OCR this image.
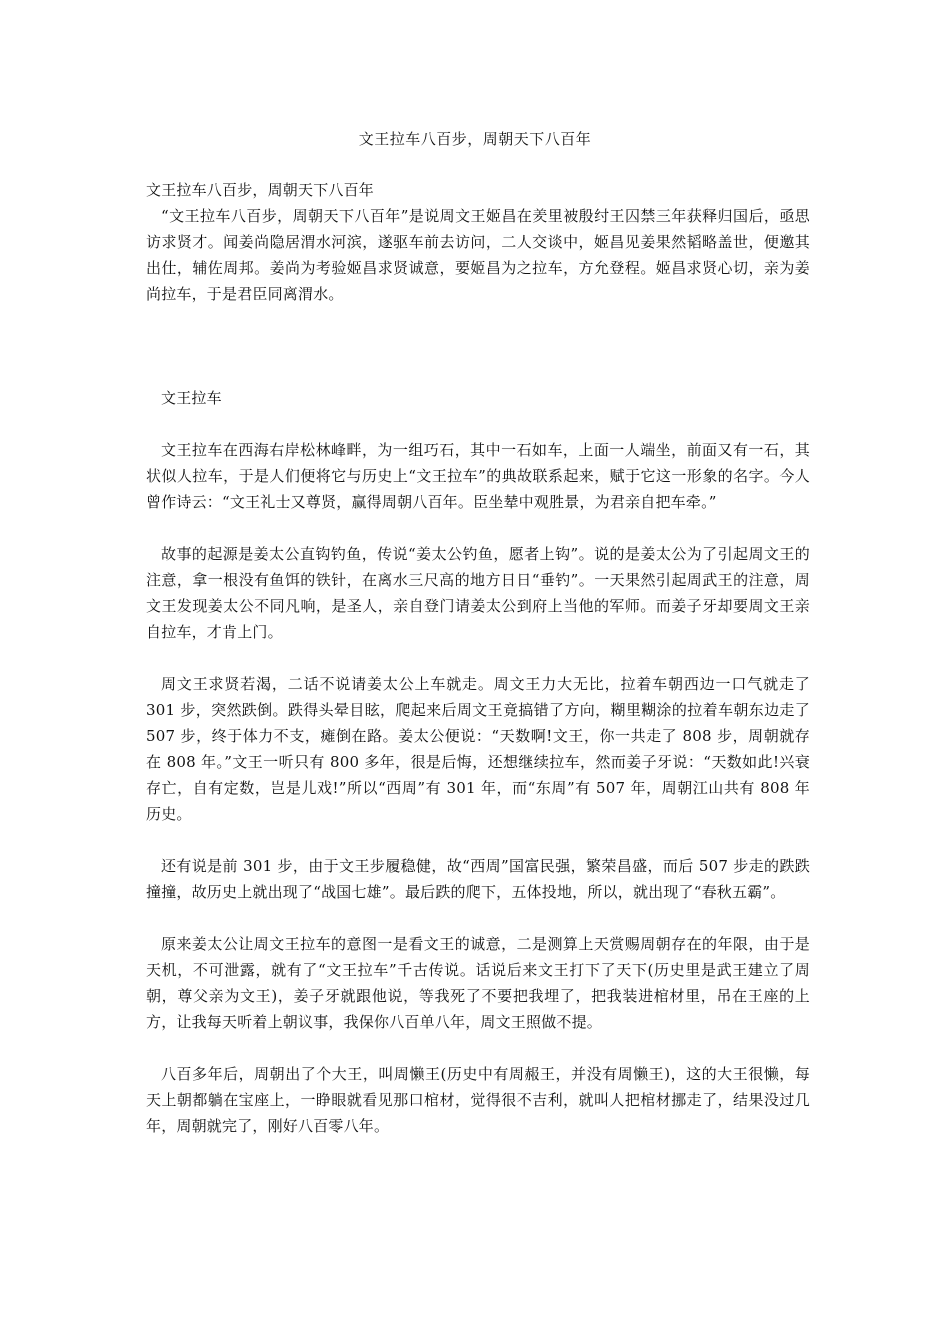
文王拉车八百步，周朝天下八百年

文王拉车八百步，周朝天下八百年

“文王拉车八百步，周朝天下八百年”是说周文王姬昌在羑里被殷纣王囚禁三年获释归国后，亟思访求贤才。闻姜尚隐居渭水河滨，遂驱车前去访问，二人交谈中，姬昌见姜果然韬略盖世，便邀其出仕，辅佐周邦。姜尚为考验姬昌求贤诚意，要姬昌为之拉车，方允登程。姬昌求贤心切，亲为姜尚拉车，于是君臣同离渭水。

文王拉车

文王拉车在西海右岸松林峰畔，为一组巧石，其中一石如车，上面一人端坐，前面又有一石，其状似人拉车，于是人们便将它与历史上“文王拉车”的典故联系起来，赋于它这一形象的名字。今人曾作诗云：“文王礼士又尊贤，赢得周朝八百年。臣坐辇中观胜景，为君亲自把车牵。”

故事的起源是姜太公直钩钓鱼，传说“姜太公钓鱼，愿者上钩”。说的是姜太公为了引起周文王的注意，拿一根没有鱼饵的铁针，在离水三尺高的地方日日“垂钓”。一天果然引起周武王的注意，周文王发现姜太公不同凡响，是圣人，亲自登门请姜太公到府上当他的军师。而姜子牙却要周文王亲自拉车，才肯上门。

周文王求贤若渴，二话不说请姜太公上车就走。周文王力大无比，拉着车朝西边一口气就走了 301 步，突然跌倒。跌得头晕目眩，爬起来后周文王竟搞错了方向，糊里糊涂的拉着车朝东边走了 507 步，终于体力不支，瘫倒在路。姜太公便说：“天数啊!文王，你一共走了 808 步，周朝就存在 808 年。”文王一听只有 800 多年，很是后悔，还想继续拉车，然而姜子牙说：“天数如此!兴衰存亡，自有定数，岂是儿戏!”所以“西周”有 301 年，而“东周”有 507 年，周朝江山共有 808 年历史。

还有说是前 301 步，由于文王步履稳健，故“西周”国富民强，繁荣昌盛，而后 507 步走的跌跌撞撞，故历史上就出现了“战国七雄”。最后跌的爬下，五体投地，所以，就出现了“春秋五霸”。

原来姜太公让周文王拉车的意图一是看文王的诚意，二是测算上天赏赐周朝存在的年限，由于是天机，不可泄露，就有了“文王拉车”千古传说。话说后来文王打下了天下(历史里是武王建立了周朝，尊父亲为文王)，姜子牙就跟他说，等我死了不要把我埋了，把我装进棺材里，吊在王座的上方，让我每天听着上朝议事，我保你八百单八年，周文王照做不提。

八百多年后，周朝出了个大王，叫周懒王(历史中有周赧王，并没有周懒王)，这的大王很懒，每天上朝都躺在宝座上，一睁眼就看见那口棺材，觉得很不吉利，就叫人把棺材挪走了，结果没过几年，周朝就完了，刚好八百零八年。
